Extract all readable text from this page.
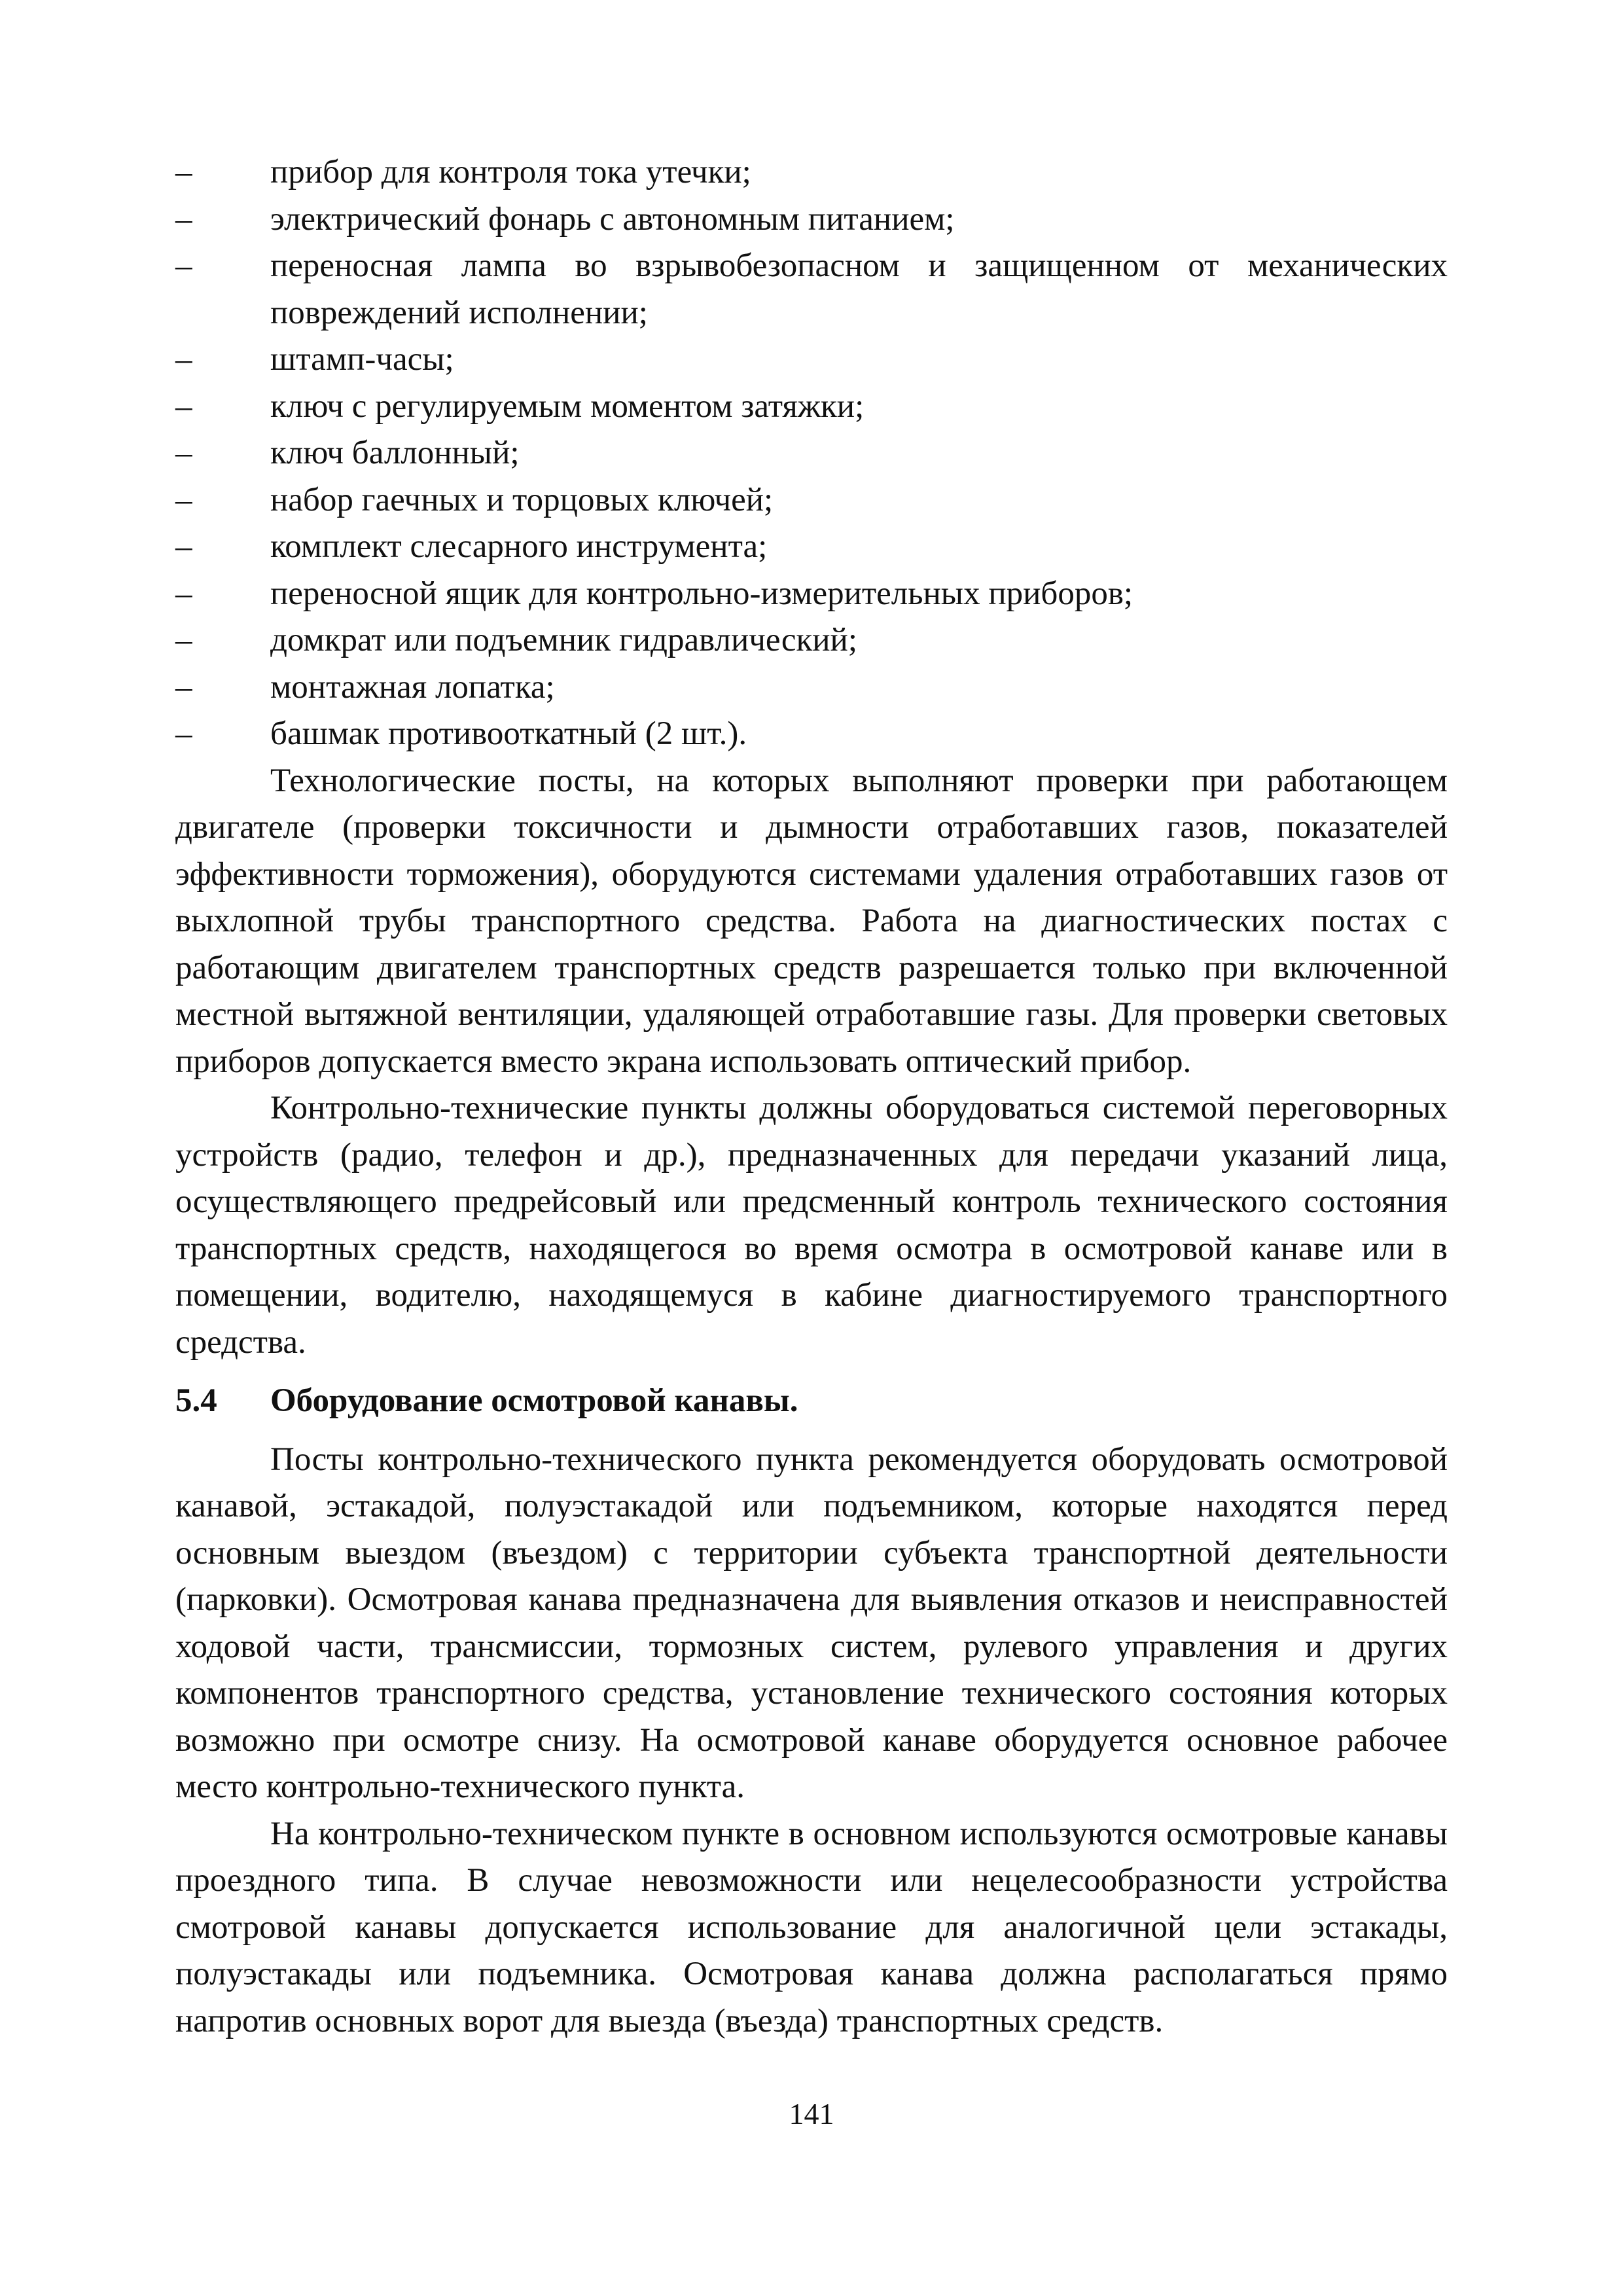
–	прибор для контроля тока утечки;
–	электрический фонарь с автономным питанием;
–	переносная лампа во взрывобезопасном и защищенном от механических повреждений исполнении;
–	штамп-часы;
–	ключ с регулируемым моментом затяжки;
–	ключ баллонный;
–	набор гаечных и торцовых ключей;
–	комплект слесарного инструмента;
–	переносной ящик для контрольно-измерительных приборов;
–	домкрат или подъемник гидравлический;
–	монтажная лопатка;
–	башмак противооткатный (2 шт.).

Технологические посты, на которых выполняют проверки при работающем двигателе (проверки токсичности и дымности отработавших газов, показателей эффективности торможения), оборудуются системами удаления отработавших газов от выхлопной трубы транспортного средства. Работа на диагностических постах с работающим двигателем транспортных средств разрешается только при включенной местной вытяжной вентиляции, удаляющей отработавшие газы. Для проверки световых приборов допускается вместо экрана использовать оптический прибор.

Контрольно-технические пункты должны оборудоваться системой переговорных устройств (радио, телефон и др.), предназначенных для передачи указаний лица, осуществляющего предрейсовый или предсменный контроль технического состояния транспортных средств, находящегося во время осмотра в осмотровой канаве или в помещении, водителю, находящемуся в кабине диагностируемого транспортного средства.

5.4 Оборудование осмотровой канавы.

Посты контрольно-технического пункта рекомендуется оборудовать осмотровой канавой, эстакадой, полуэстакадой или подъемником, которые находятся перед основным выездом (въездом) с территории субъекта транспортной деятельности (парковки). Осмотровая канава предназначена для выявления отказов и неисправностей ходовой части, трансмиссии, тормозных систем, рулевого управления и других компонентов транспортного средства, установление технического состояния которых возможно при осмотре снизу. На осмотровой канаве оборудуется основное рабочее место контрольно-технического пункта.

На контрольно-техническом пункте в основном используются осмотровые канавы проездного типа. В случае невозможности или нецелесообразности устройства смотровой канавы допускается использование для аналогичной цели эстакады, полуэстакады или подъемника. Осмотровая канава должна располагаться прямо напротив основных ворот для выезда (въезда) транспортных средств.

141
